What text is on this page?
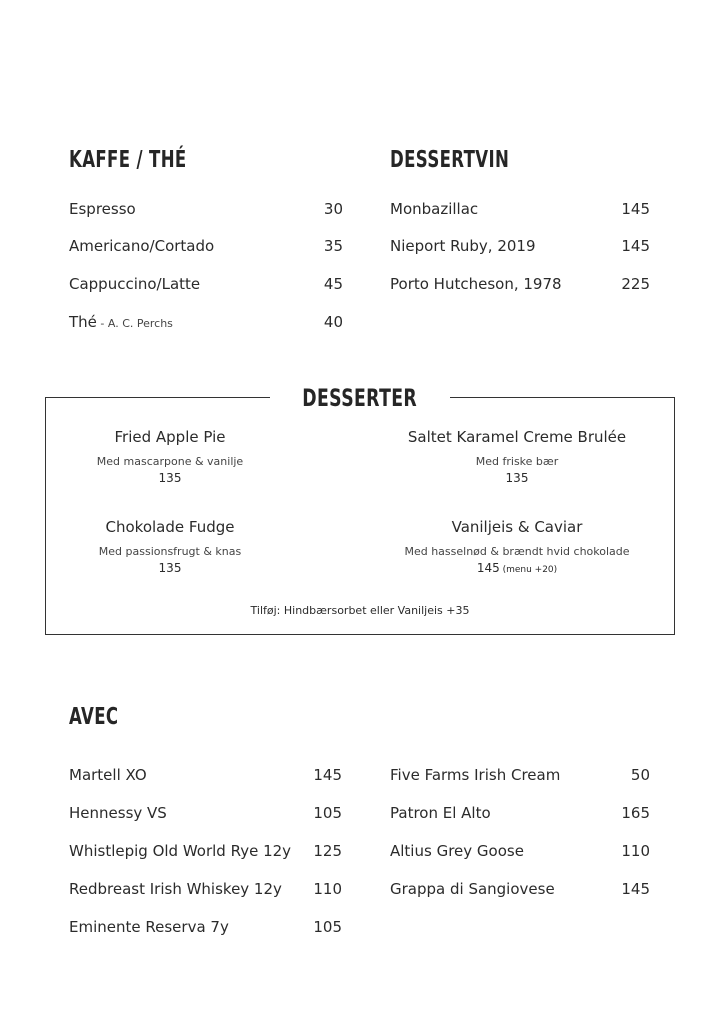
KAFFE / THÉ
Espresso	30
Americano/Cortado	35
Cappuccino/Latte	45
Thé - A. C. Perchs	40
DESSERTVIN
Monbazillac	145
Nieport Ruby, 2019	145
Porto Hutcheson, 1978	225
DESSERTER
Fried Apple Pie
Med mascarpone & vanilje
135
Saltet Karamel Creme Brulée
Med friske bær
135
Chokolade Fudge
Med passionsfrugt & knas
135
Vaniljeis & Caviar
Med hasselnød & brændt hvid chokolade
145 (menu +20)
Tilføj: Hindbærsorbet eller Vaniljeis +35
AVEC
Martell XO	145
Hennessy VS	105
Whistlepig Old World Rye 12y 125
Redbreast Irish Whiskey 12y 110
Eminente Reserva 7y	105
Five Farms Irish Cream	50
Patron El Alto	165
Altius Grey Goose	110
Grappa di Sangiovese	145
